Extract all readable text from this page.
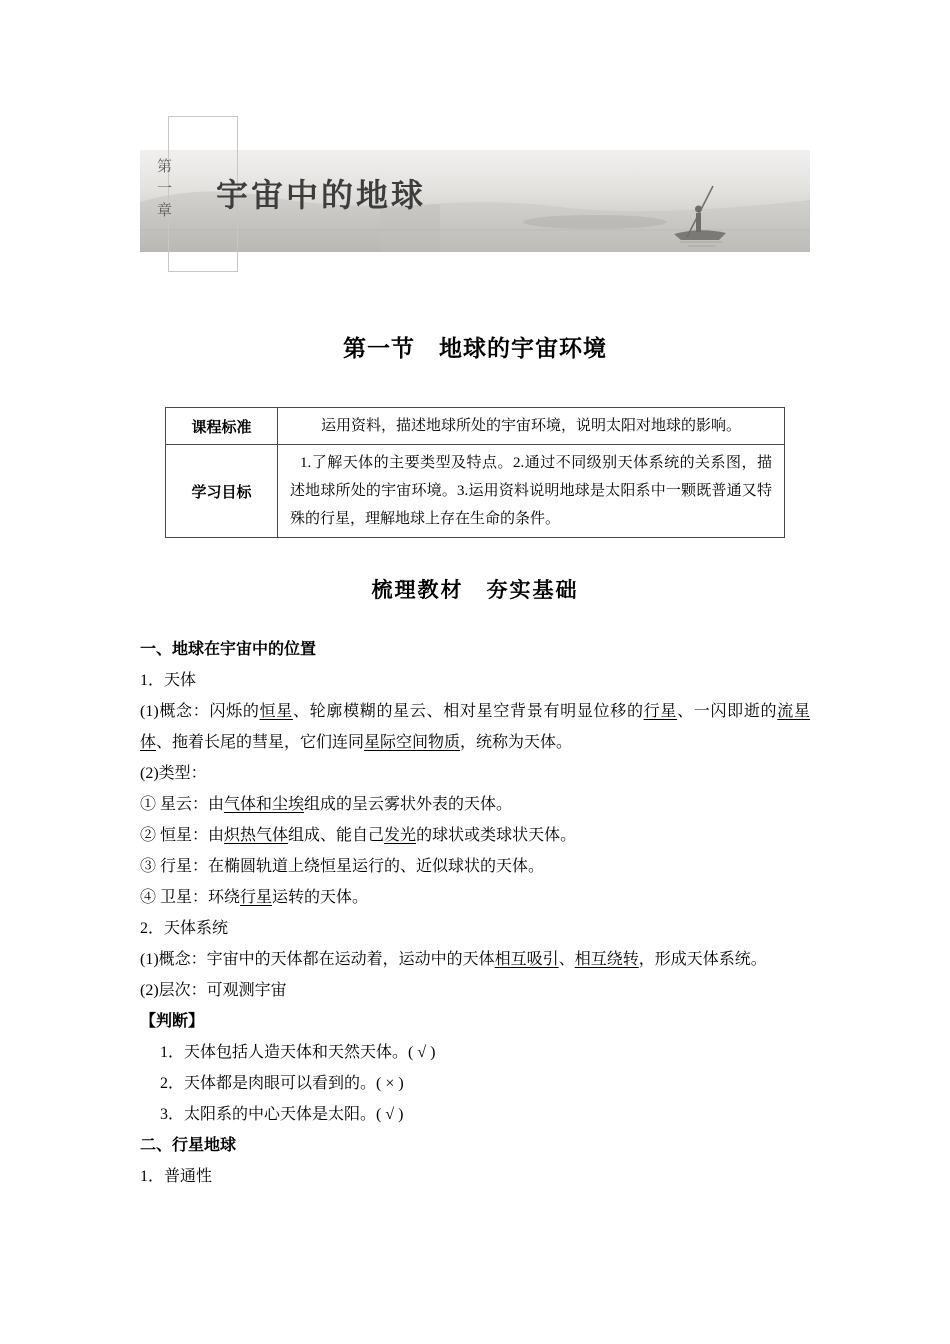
第一章 宇宙中的地球
第一节　地球的宇宙环境
课程标准	运用资料，描述地球所处的宇宙环境，说明太阳对地球的影响。
学习目标	1.了解天体的主要类型及特点。2.通过不同级别天体系统的关系图，描述地球所处的宇宙环境。3.运用资料说明地球是太阳系中一颗既普通又特殊的行星，理解地球上存在生命的条件。
梳理教材　夯实基础

一、地球在宇宙中的位置

1．天体

(1)概念：闪烁的恒星、轮廓模糊的星云、相对星空背景有明显位移的行星、一闪即逝的流星体、拖着长尾的彗星，它们连同星际空间物质，统称为天体。

(2)类型：

① 星云：由气体和尘埃组成的呈云雾状外表的天体。

② 恒星：由炽热气体组成、能自己发光的球状或类球状天体。

③ 行星：在椭圆轨道上绕恒星运行的、近似球状的天体。

④ 卫星：环绕行星运转的天体。

2．天体系统

(1)概念：宇宙中的天体都在运动着，运动中的天体相互吸引、相互绕转，形成天体系统。

(2)层次：可观测宇宙

【判断】

1．天体包括人造天体和天然天体。( √ )

2．天体都是肉眼可以看到的。( × )

3．太阳系的中心天体是太阳。( √ )

二、行星地球

1．普通性
